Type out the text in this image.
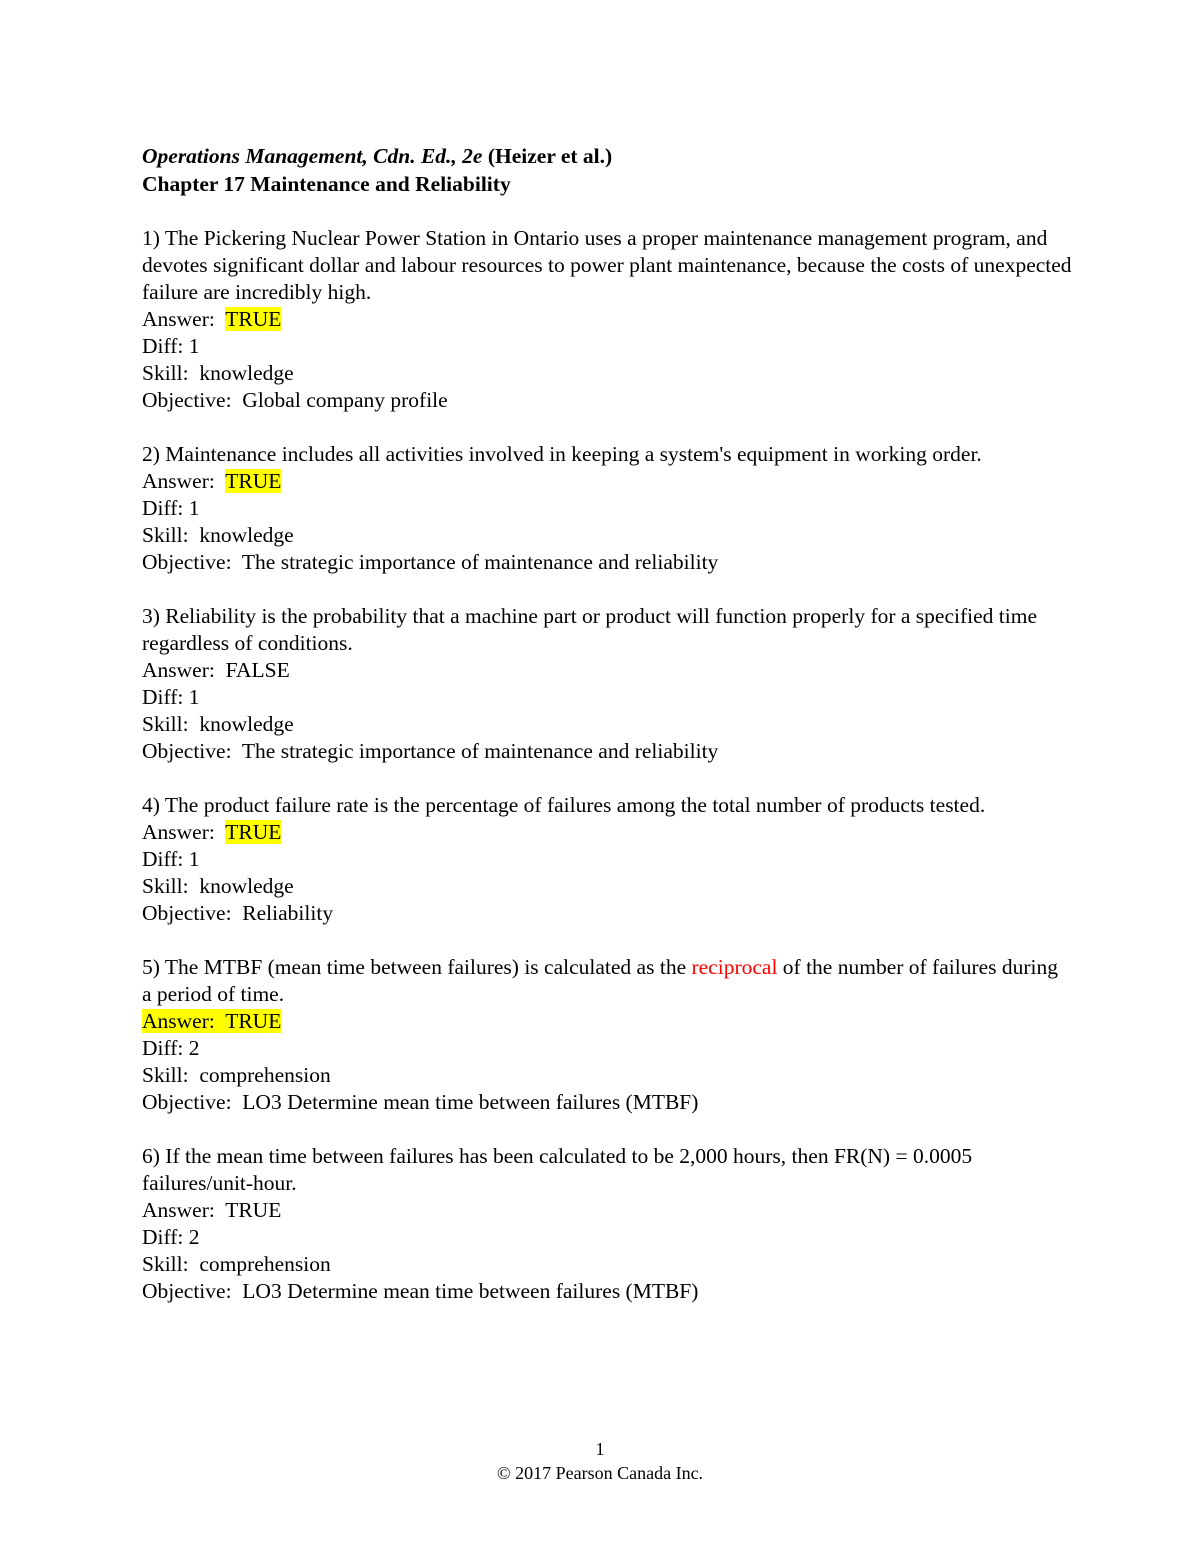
Operations Management, Cdn. Ed., 2e (Heizer et al.)
Chapter 17 Maintenance and Reliability
1) The Pickering Nuclear Power Station in Ontario uses a proper maintenance management program, and devotes significant dollar and labour resources to power plant maintenance, because the costs of unexpected failure are incredibly high.
Answer:  TRUE
Diff: 1
Skill:  knowledge
Objective:  Global company profile
2) Maintenance includes all activities involved in keeping a system's equipment in working order.
Answer:  TRUE
Diff: 1
Skill:  knowledge
Objective:  The strategic importance of maintenance and reliability
3) Reliability is the probability that a machine part or product will function properly for a specified time regardless of conditions.
Answer:  FALSE
Diff: 1
Skill:  knowledge
Objective:  The strategic importance of maintenance and reliability
4) The product failure rate is the percentage of failures among the total number of products tested.
Answer:  TRUE
Diff: 1
Skill:  knowledge
Objective:  Reliability
5) The MTBF (mean time between failures) is calculated as the reciprocal of the number of failures during a period of time.
Answer:  TRUE
Diff: 2
Skill:  comprehension
Objective:  LO3 Determine mean time between failures (MTBF)
6) If the mean time between failures has been calculated to be 2,000 hours, then FR(N) = 0.0005 failures/unit-hour.
Answer:  TRUE
Diff: 2
Skill:  comprehension
Objective:  LO3 Determine mean time between failures (MTBF)
1
© 2017 Pearson Canada Inc.
